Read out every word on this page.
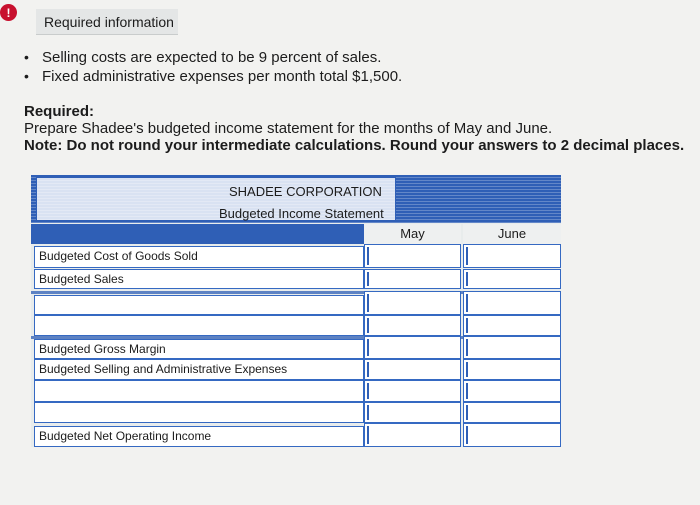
!
Required information
• Selling costs are expected to be 9 percent of sales.
• Fixed administrative expenses per month total $1,500.
Required:
Prepare Shadee's budgeted income statement for the months of May and June.
Note: Do not round your intermediate calculations. Round your answers to 2 decimal places.
SHADEE CORPORATION
Budgeted Income Statement
May	June
Budgeted Cost of Goods Sold
Budgeted Sales
Budgeted Gross Margin
Budgeted Selling and Administrative Expenses
Budgeted Net Operating Income
